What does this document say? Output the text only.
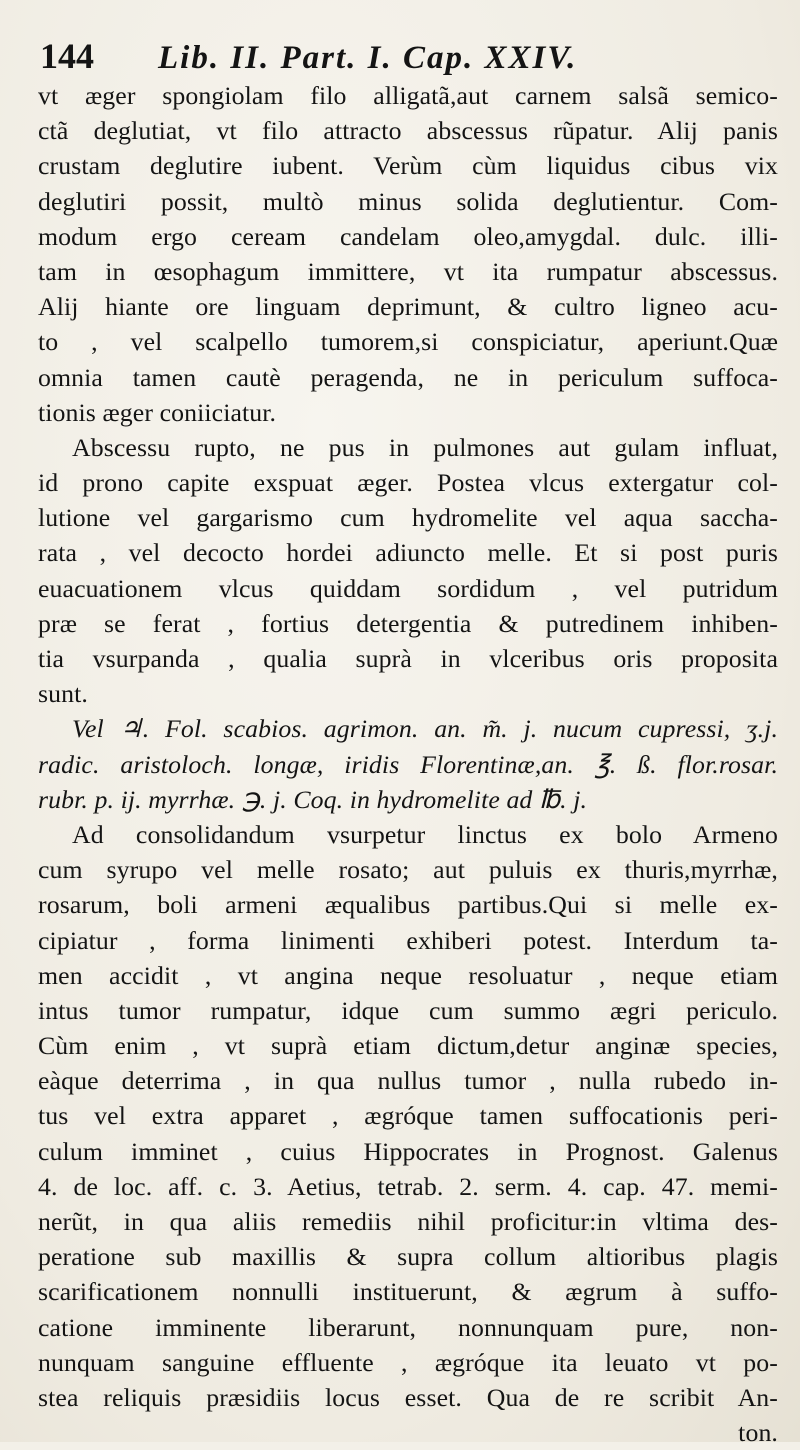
144	Lib. II. Part. I. Cap. XXIV.
vt æger spongiolam filo alligatã,aut carnem salsã semico-
ctã deglutiat, vt filo attracto abscessus rũpatur. Alij panis
crustam deglutire iubent. Verùm cùm liquidus cibus vix
deglutiri possit, multò minus solida deglutientur. Com-
modum ergo ceream candelam oleo,amygdal. dulc. illi-
tam in œsophagum immittere, vt ita rumpatur abscessus.
Alij hiante ore linguam deprimunt, & cultro ligneo acu-
to , vel scalpello tumorem,si conspiciatur, aperiunt.Quæ
omnia tamen cautè peragenda, ne in periculum suffoca-
tionis æger coniiciatur.
Abscessu rupto, ne pus in pulmones aut gulam influat,
id prono capite exspuat æger. Postea vlcus extergatur col-
lutione vel gargarismo cum hydromelite vel aqua saccha-
rata , vel decocto hordei adiuncto melle. Et si post puris
euacuationem vlcus quiddam sordidum , vel putridum
præ se ferat , fortius detergentia & putredinem inhiben-
tia vsurpanda , qualia suprà in vlceribus oris proposita
sunt.
Vel ♃. Fol. scabios. agrimon. an. m̃. j. nucum cupressi, ʒ.j.
radic. aristoloch. longæ, iridis Florentinæ,an. ℥. ß. flor.rosar.
rubr. p. ij. myrrhæ. ℈. j. Coq. in hydromelite ad ℔. j.
Ad consolidandum vsurpetur linctus ex bolo Armeno
cum syrupo vel melle rosato; aut puluis ex thuris,myrrhæ,
rosarum, boli armeni æqualibus partibus.Qui si melle ex-
cipiatur , forma linimenti exhiberi potest. Interdum ta-
men accidit , vt angina neque resoluatur , neque etiam
intus tumor rumpatur, idque cum summo ægri periculo.
Cùm enim , vt suprà etiam dictum,detur anginæ species,
eàque deterrima , in qua nullus tumor , nulla rubedo in-
tus vel extra apparet , ægróque tamen suffocationis peri-
culum imminet , cuius Hippocrates in Prognost. Galenus
4. de loc. aff. c. 3. Aetius, tetrab. 2. serm. 4. cap. 47. memi-
nerũt, in qua aliis remediis nihil proficitur:in vltima des-
peratione sub maxillis & supra collum altioribus plagis
scarificationem nonnulli instituerunt, & ægrum à suffo-
catione imminente liberarunt, nonnunquam pure, non-
nunquam sanguine effluente , ægróque ita leuato vt po-
stea reliquis præsidiis locus esset. Qua de re scribit An-
ton.
